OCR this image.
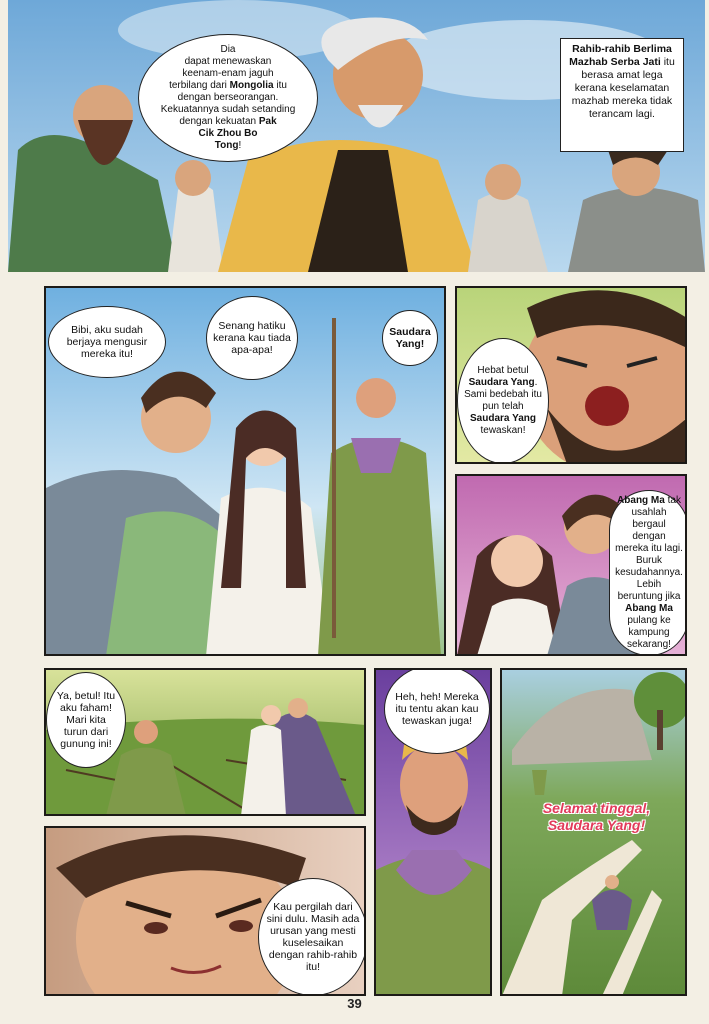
Dia
dapat menewaskan
keenam-enam jaguh
terbilang dari Mongolia itu
dengan berseorangan.
Kekuatannya sudah setanding
dengan kekuatan Pak
Cik Zhou Bo
Tong!
Rahib-rahib Berlima Mazhab Serba Jati itu berasa amat lega kerana keselamatan mazhab mereka tidak terancam lagi.
Bibi, aku sudah berjaya mengusir mereka itu!
Senang hatiku kerana kau tiada apa-apa!
Saudara Yang!
Hebat betul Saudara Yang. Sami bedebah itu pun telah Saudara Yang tewaskan!
Abang Ma tak usahlah bergaul dengan mereka itu lagi. Buruk kesudahannya. Lebih beruntung jika Abang Ma pulang ke kampung sekarang!
Ya, betul! Itu aku faham! Mari kita turun dari gunung ini!
Heh, heh! Mereka itu tentu akan kau tewaskan juga!
Selamat tinggal,
Saudara Yang!
Kau pergilah dari sini dulu. Masih ada urusan yang mesti kuselesaikan dengan rahib-rahib itu!
39
